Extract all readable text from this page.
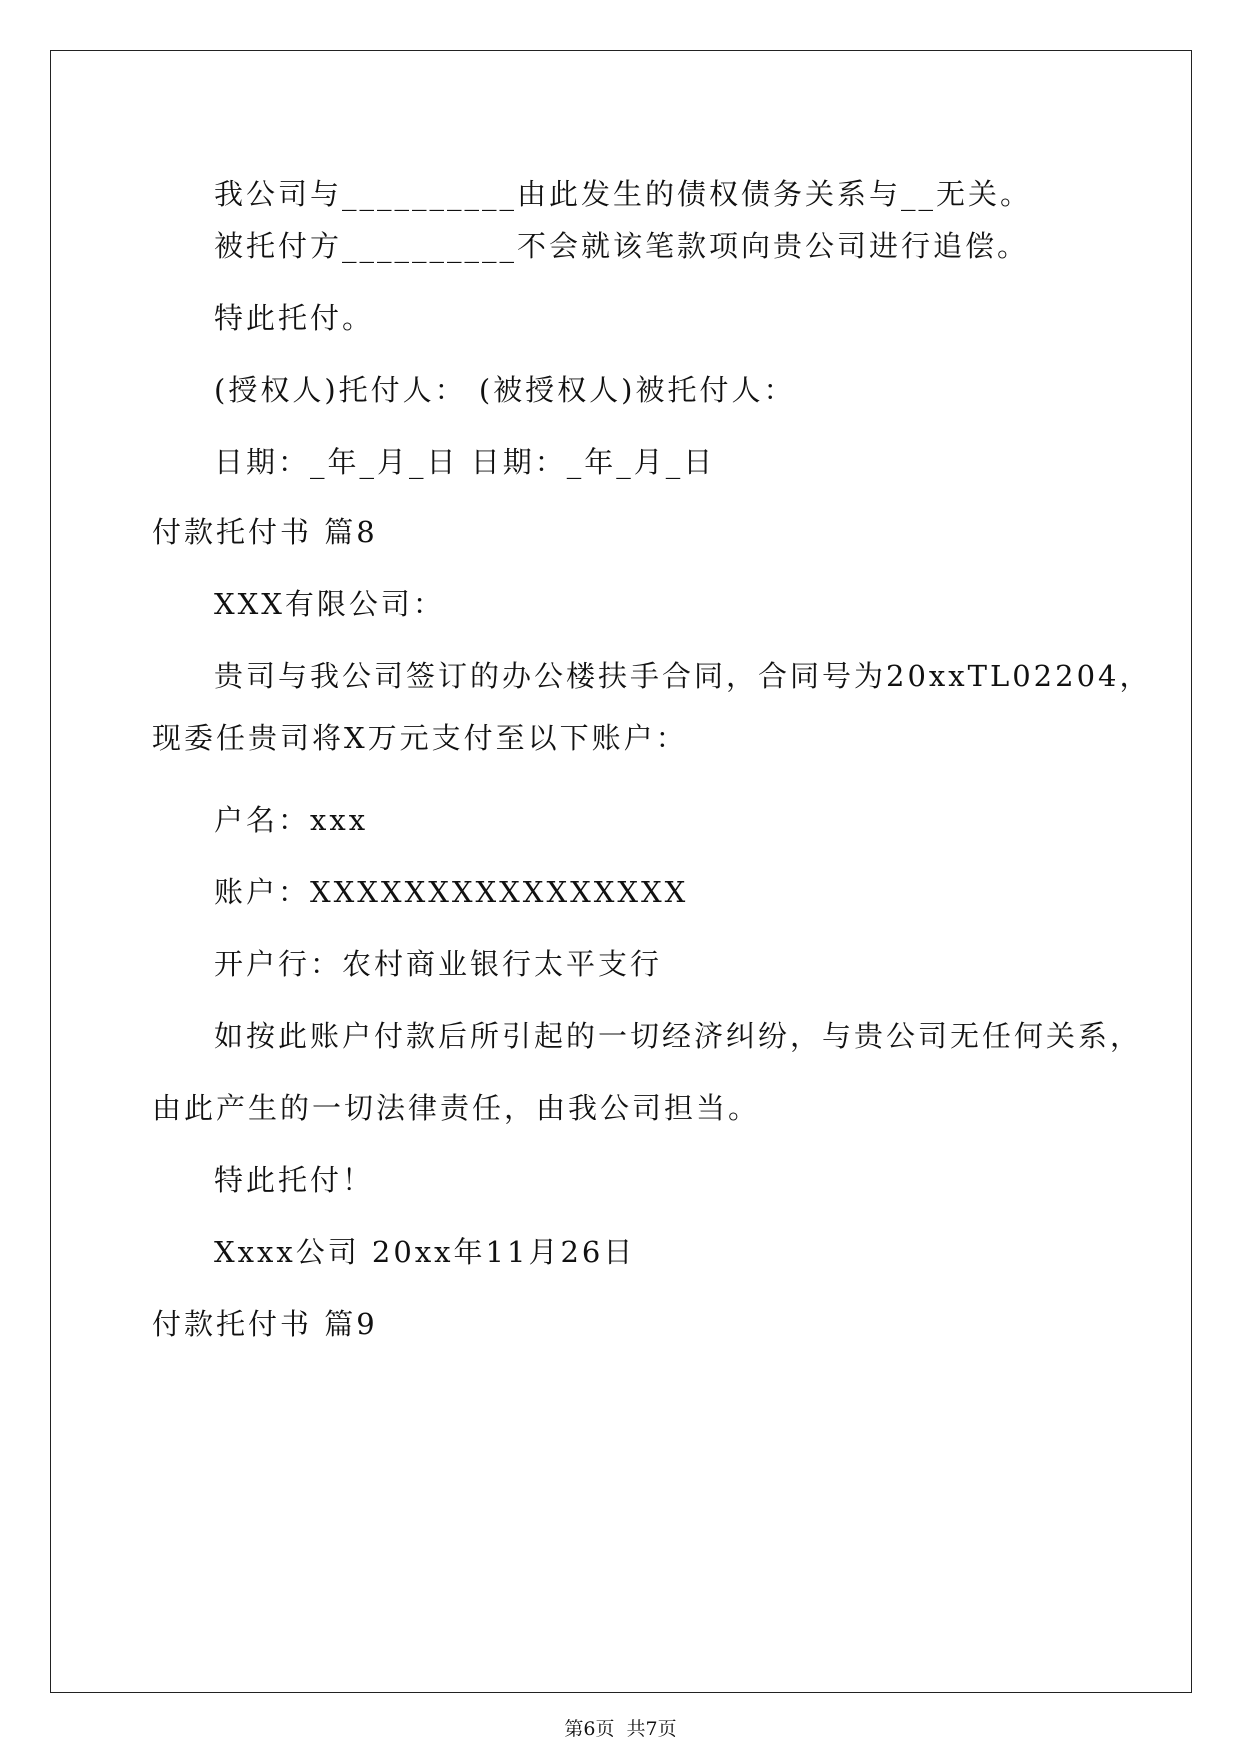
我公司与__________由此发生的债权债务关系与__无关。
被托付方__________不会就该笔款项向贵公司进行追偿。
特此托付。
(授权人)托付人： (被授权人)被托付人：
日期：_年_月_日 日期：_年_月_日
付款托付书 篇8
XXX有限公司：
贵司与我公司签订的办公楼扶手合同，合同号为20xxTL02204，
现委任贵司将X万元支付至以下账户：
户名：xxx
账户：XXXXXXXXXXXXXXXX
开户行：农村商业银行太平支行
如按此账户付款后所引起的一切经济纠纷，与贵公司无任何关系，
由此产生的一切法律责任，由我公司担当。
特此托付！
Xxxx公司 20xx年11月26日
付款托付书 篇9
第6页  共7页
